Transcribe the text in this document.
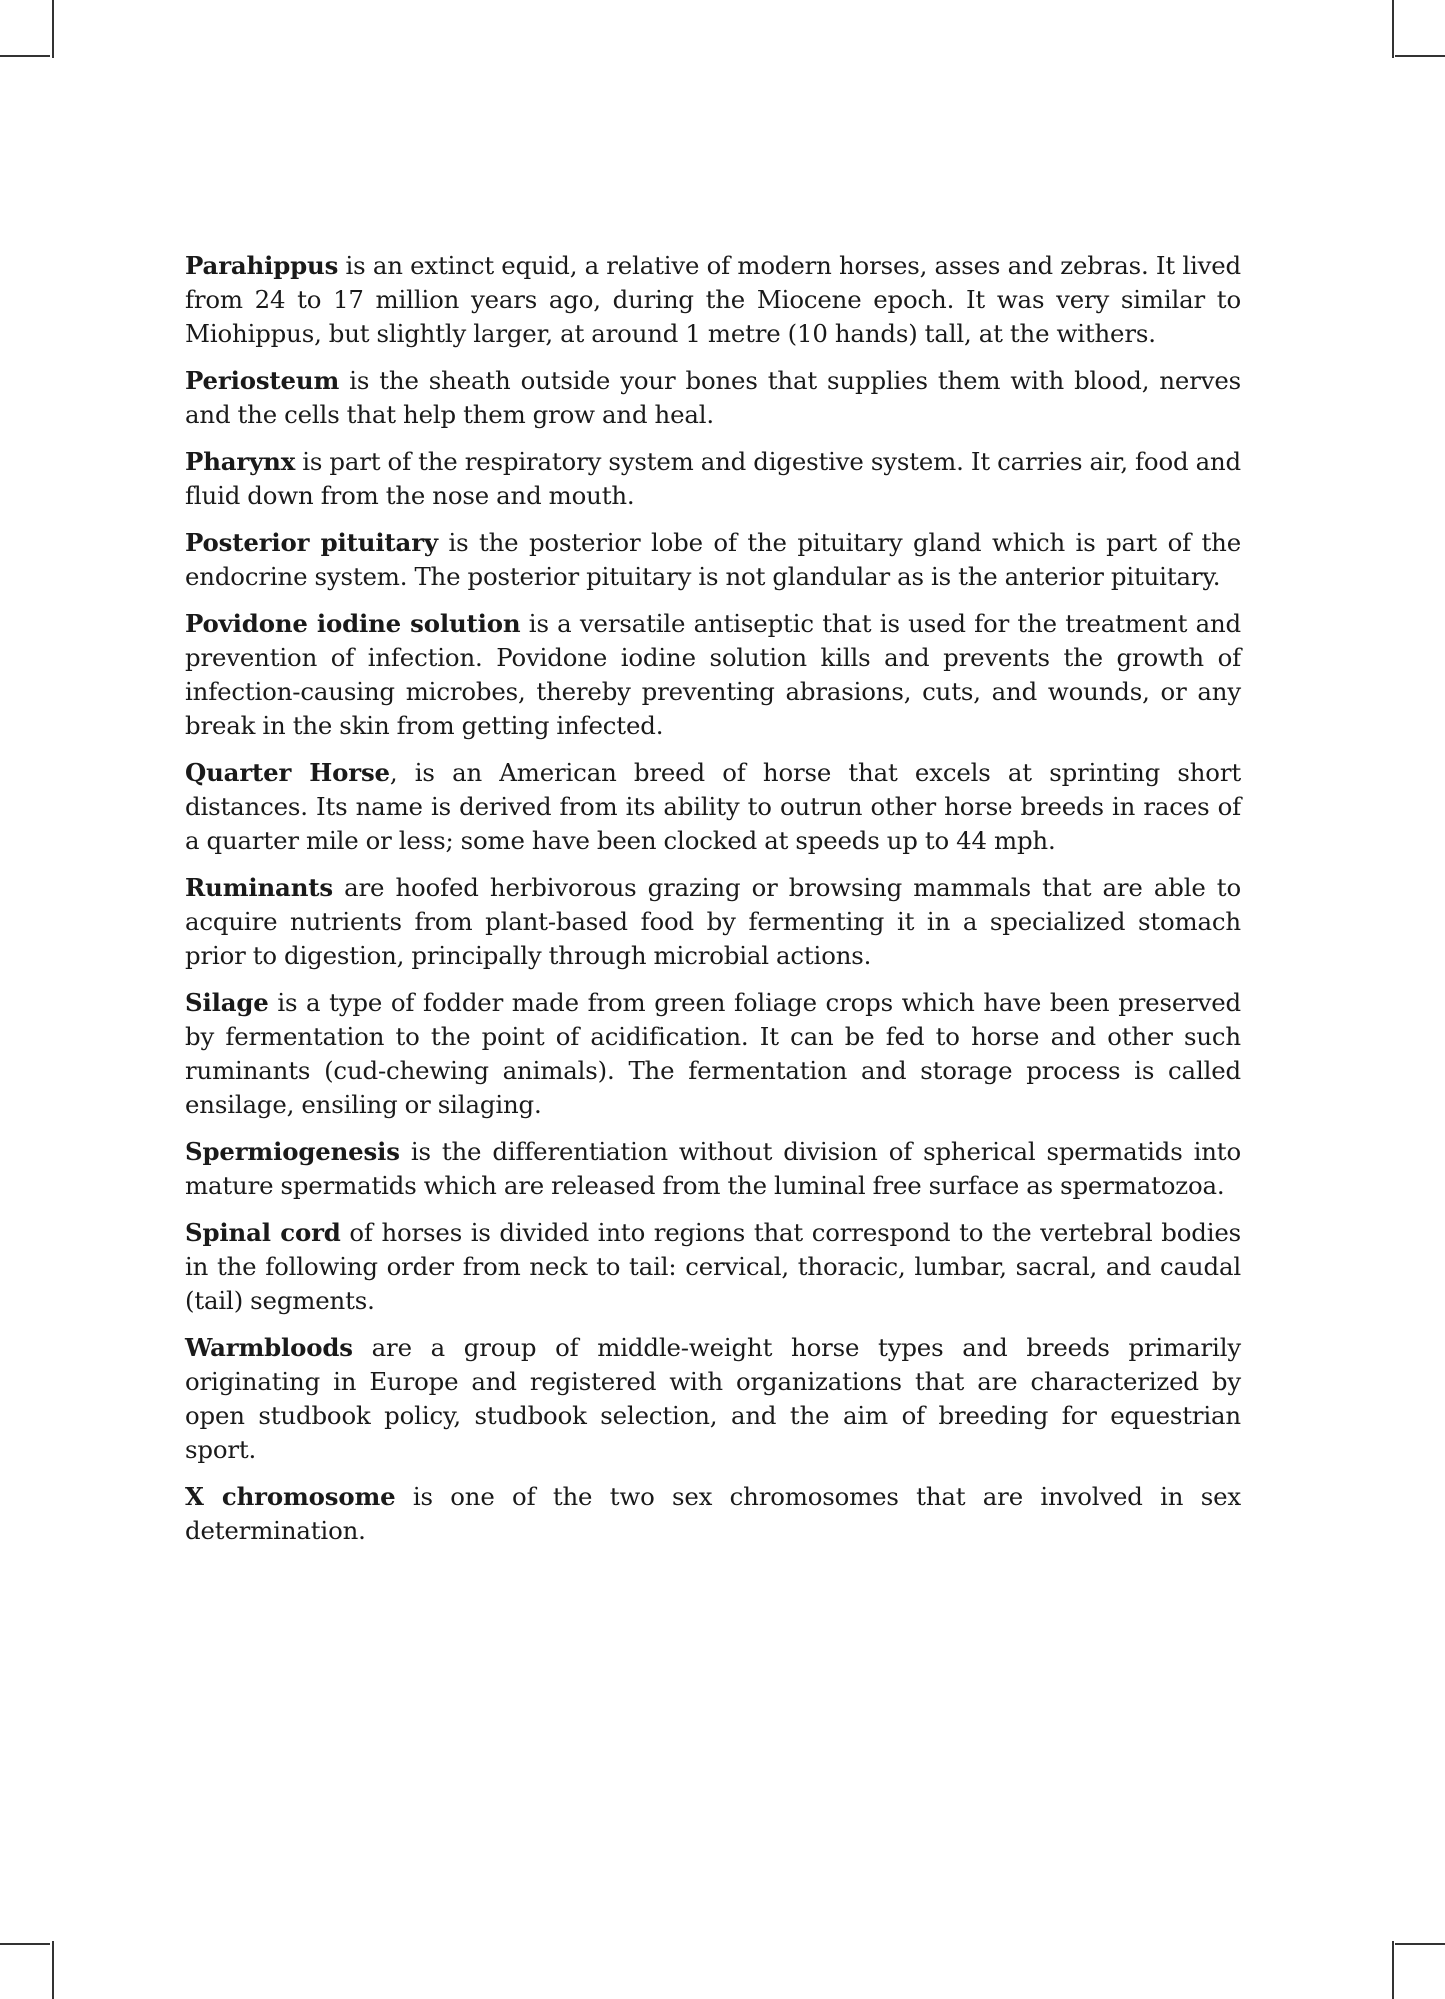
Parahippus is an extinct equid, a relative of modern horses, asses and zebras. It lived from 24 to 17 million years ago, during the Miocene epoch. It was very similar to Miohippus, but slightly larger, at around 1 metre (10 hands) tall, at the withers.

Periosteum is the sheath outside your bones that supplies them with blood, nerves and the cells that help them grow and heal.

Pharynx is part of the respiratory system and digestive system. It carries air, food and fluid down from the nose and mouth.

Posterior pituitary is the posterior lobe of the pituitary gland which is part of the endocrine system. The posterior pituitary is not glandular as is the anterior pituitary.

Povidone iodine solution is a versatile antiseptic that is used for the treatment and prevention of infection. Povidone iodine solution kills and prevents the growth of infection-causing microbes, thereby preventing abrasions, cuts, and wounds, or any break in the skin from getting infected.

Quarter Horse, is an American breed of horse that excels at sprinting short distances. Its name is derived from its ability to outrun other horse breeds in races of a quarter mile or less; some have been clocked at speeds up to 44 mph.

Ruminants are hoofed herbivorous grazing or browsing mammals that are able to acquire nutrients from plant-based food by fermenting it in a specialized stomach prior to digestion, principally through microbial actions.

Silage is a type of fodder made from green foliage crops which have been preserved by fermentation to the point of acidification. It can be fed to horse and other such ruminants (cud-chewing animals). The fermentation and storage process is called ensilage, ensiling or silaging.

Spermiogenesis is the differentiation without division of spherical spermatids into mature spermatids which are released from the luminal free surface as spermatozoa.

Spinal cord of horses is divided into regions that correspond to the vertebral bodies in the following order from neck to tail: cervical, thoracic, lumbar, sacral, and caudal (tail) segments.

Warmbloods are a group of middle-weight horse types and breeds primarily originating in Europe and registered with organizations that are characterized by open studbook policy, studbook selection, and the aim of breeding for equestrian sport.

X chromosome is one of the two sex chromosomes that are involved in sex determination.
